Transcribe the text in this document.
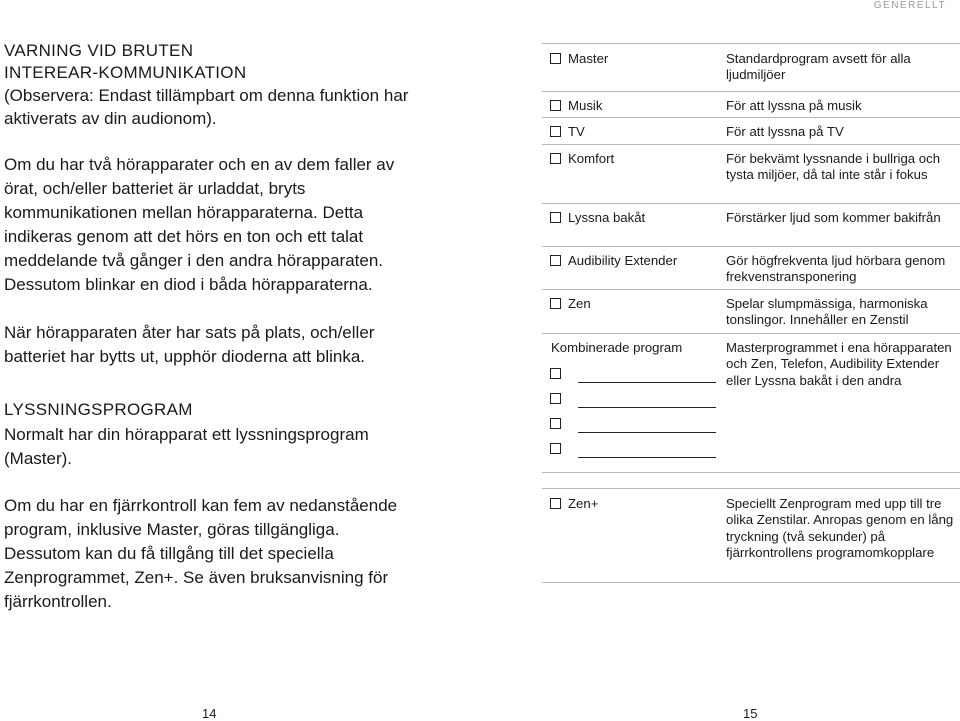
GENERELLT
VARNING VID BRUTEN
INTEREAR-KOMMUNIKATION

(Observera: Endast tillämpbart om denna funktion har aktiverats av din audionom).

Om du har två hörapparater och en av dem faller av örat, och/eller batteriet är urladdat, bryts kommunikationen mellan hörapparaterna. Detta indikeras genom att det hörs en ton och ett talat meddelande två gånger i den andra hörapparaten. Dessutom blinkar en diod i båda hörapparaterna.

När hörapparaten åter har sats på plats, och/eller batteriet har bytts ut, upphör dioderna att blinka.

LYSSNINGSPROGRAM

Normalt har din hörapparat ett lyssningsprogram (Master).

Om du har en fjärrkontroll kan fem av nedanstående program, inklusive Master, göras tillgängliga. Dessutom kan du få tillgång till det speciella Zenprogrammet, Zen+. Se även bruksanvisning för fjärrkontrollen.

Master	Standardprogram avsett för alla ljudmiljöer
Musik	För att lyssna på musik
TV	För att lyssna på TV
Komfort	För bekvämt lyssnande i bullriga och tysta miljöer, då tal inte står i fokus
Lyssna bakåt	Förstärker ljud som kommer bakifrån
Audibility Extender	Gör högfrekventa ljud hörbara genom frekvenstransponering
Zen	Spelar slumpmässiga, harmoniska tonslingor. Innehåller en Zenstil

Kombinerade program	Masterprogrammet i ena hörapparaten och Zen, Telefon, Audibility Extender eller Lyssna bakåt i den andra
Zen+	Speciellt Zenprogram med upp till tre olika Zenstilar. Anropas genom en lång tryckning (två sekunder) på fjärrkontrollens programomkopplare
14	15
